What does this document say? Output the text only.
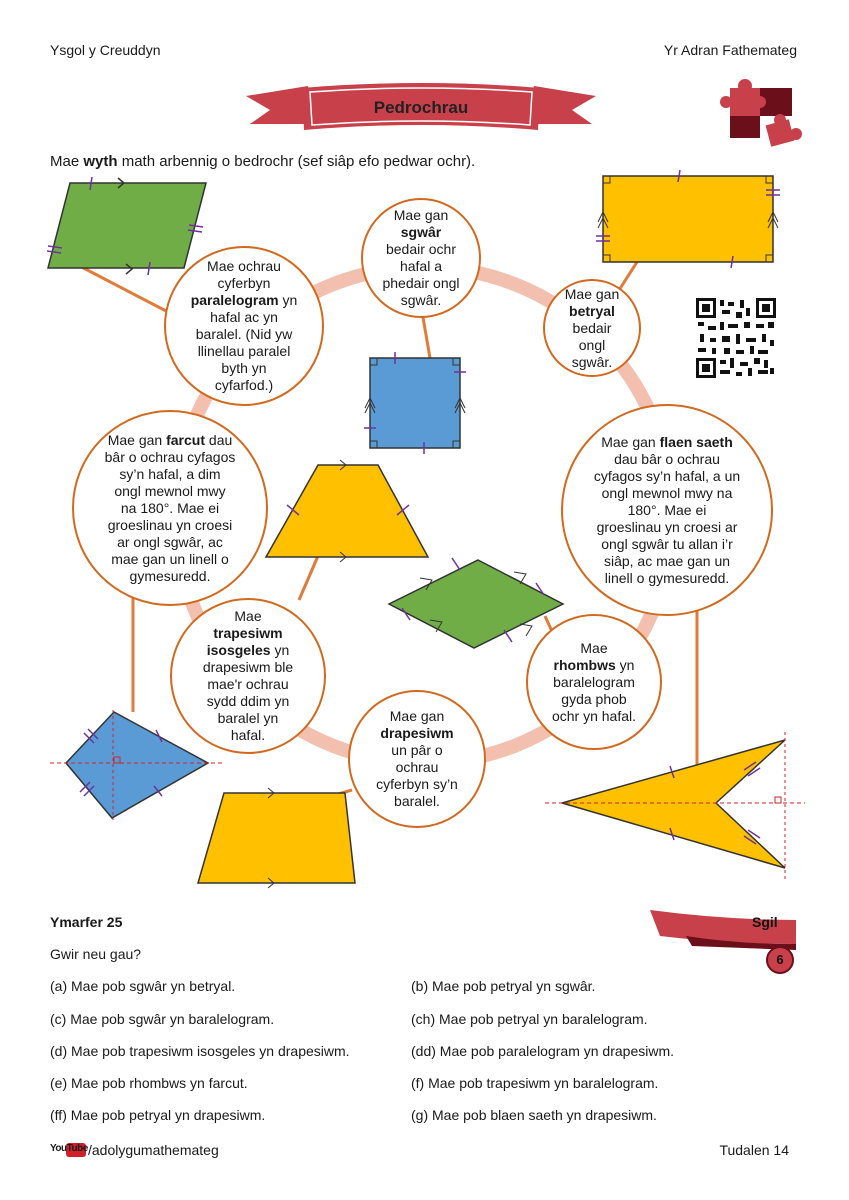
Ysgol y Creuddyn	Yr Adran Fathemateg
Pedrochrau
Mae wyth math arbennig o bedrochr (sef siâp efo pedwar ochr).
Mae gan
sgwâr
bedair ochr
hafal a
phedair ongl
sgwâr.	Mae gan
betryal
bedair
ongl
sgwâr.
Mae ochrau
cyferbyn
paralelogram yn
hafal ac yn
baralel. (Nid yw
llinellau paralel
byth yn
cyfarfod.)
Mae gan farcut dau
bâr o ochrau cyfagos
sy’n hafal, a dim
ongl mewnol mwy
na 180°. Mae ei
groeslinau yn croesi
ar ongl sgwâr, ac
mae gan un linell o
gymesuredd.
Mae gan flaen saeth
dau bâr o ochrau
cyfagos sy’n hafal, a un
ongl mewnol mwy na
180°. Mae ei
groeslinau yn croesi ar
ongl sgwâr tu allan i’r
siâp, ac mae gan un
linell o gymesuredd.
Mae
trapesiwm
isosgeles yn
drapesiwm ble
mae'r ochrau
sydd ddim yn
baralel yn
hafal.
Mae gan
drapesiwm
un pâr o
ochrau
cyferbyn sy’n
baralel.
Mae
rhombws yn
baralelogram
gyda phob
ochr yn hafal.
Ymarfer 25
Gwir neu gau?
Sgil
6
(a) Mae pob sgwâr yn betryal.	(b) Mae pob petryal yn sgwâr.
(c) Mae pob sgwâr yn baralelogram.	(ch) Mae pob petryal yn baralelogram.
(d) Mae pob trapesiwm isosgeles yn drapesiwm.	(dd) Mae pob paralelogram yn drapesiwm.
(e) Mae pob rhombws yn farcut.	(f) Mae pob trapesiwm yn baralelogram.
(ff) Mae pob petryal yn drapesiwm.	(g) Mae pob blaen saeth yn drapesiwm.
YouTube /adolygumathemateg	Tudalen 14
